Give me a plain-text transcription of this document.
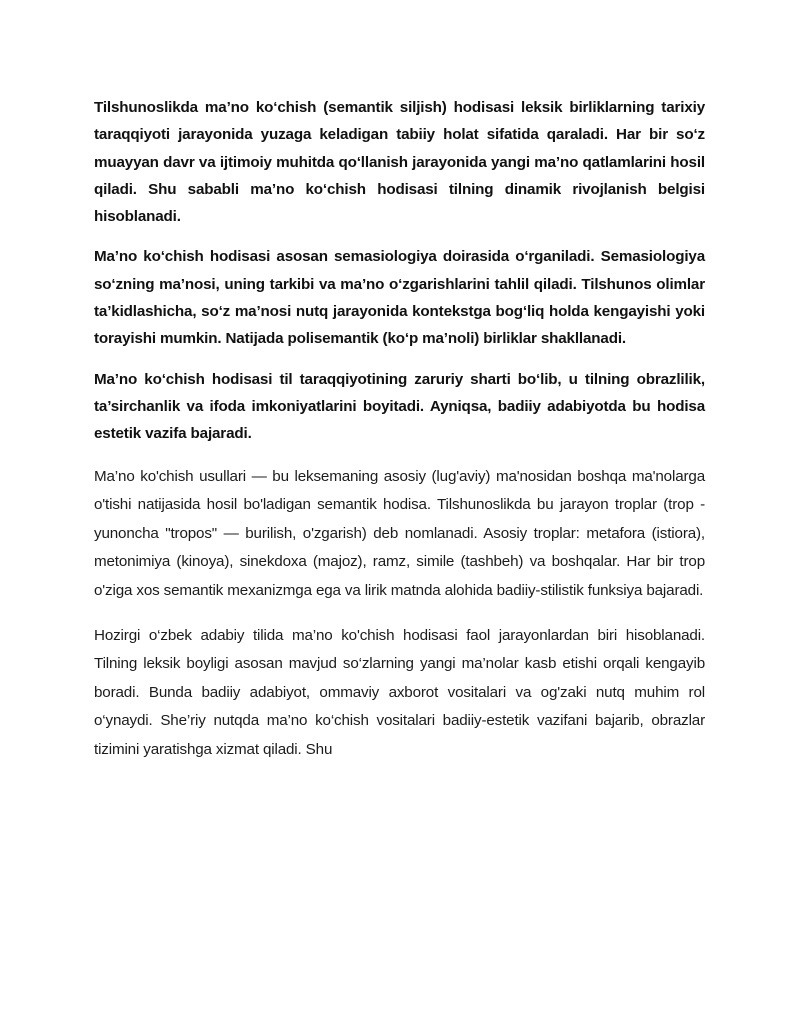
Tilshunoslikda ma’no ko‘chish (semantik siljish) hodisasi leksik birliklarning tarixiy taraqqiyoti jarayonida yuzaga keladigan tabiiy holat sifatida qaraladi. Har bir so‘z muayyan davr va ijtimoiy muhitda qo‘llanish jarayonida yangi ma’no qatlamlarini hosil qiladi. Shu sababli ma’no ko‘chish hodisasi tilning dinamik rivojlanish belgisi hisoblanadi.

Ma’no ko‘chish hodisasi asosan semasiologiya doirasida o‘rganiladi. Semasiologiya so‘zning ma’nosi, uning tarkibi va ma’no o‘zgarishlarini tahlil qiladi. Tilshunos olimlar ta’kidlashicha, so‘z ma’nosi nutq jarayonida kontekstga bog‘liq holda kengayishi yoki torayishi mumkin. Natijada polisemantik (ko‘p ma’noli) birliklar shakllanadi.

Ma’no ko‘chish hodisasi til taraqqiyotining zaruriy sharti bo‘lib, u tilning obrazlilik, ta’sirchanlik va ifoda imkoniyatlarini boyitadi. Ayniqsa, badiiy adabiyotda bu hodisa estetik vazifa bajaradi.

Ma’no ko'chish usullari — bu leksemaning asosiy (lug'aviy) ma'nosidan boshqa ma'nolarga o'tishi natijasida hosil bo'ladigan semantik hodisa. Tilshunoslikda bu jarayon troplar (trop - yunoncha "tropos" — burilish, o'zgarish) deb nomlanadi. Asosiy troplar: metafora (istiora), metonimiya (kinoya), sinekdoxa (majoz), ramz, simile (tashbeh) va boshqalar. Har bir trop o'ziga xos semantik mexanizmga ega va lirik matnda alohida badiiy-stilistik funksiya bajaradi.

Hozirgi o‘zbek adabiy tilida ma’no ko'chish hodisasi faol jarayonlardan biri hisoblanadi. Tilning leksik boyligi asosan mavjud so‘zlarning yangi ma’nolar kasb etishi orqali kengayib boradi. Bunda badiiy adabiyot, ommaviy axborot vositalari va og'zaki nutq muhim rol o‘ynaydi. She’riy nutqda ma’no ko‘chish vositalari badiiy-estetik vazifani bajarib, obrazlar tizimini yaratishga xizmat qiladi. Shu
